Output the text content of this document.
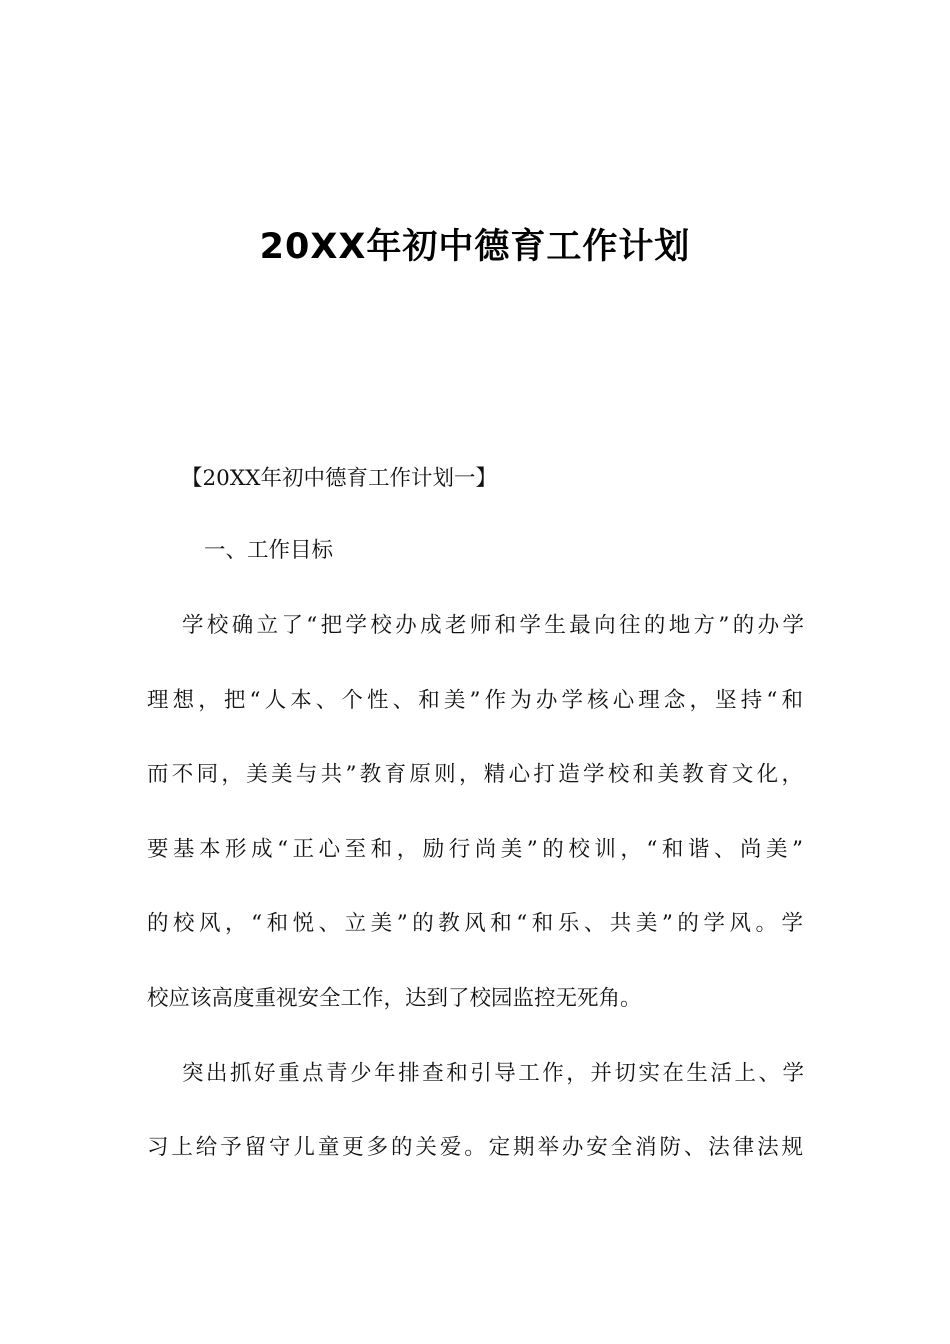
20XX年初中德育工作计划
【20XX年初中德育工作计划一】
一、工作目标
学校确立了“把学校办成老师和学生最向往的地方”的办学
理想，把“人本、个性、和美”作为办学核心理念，坚持“和
而不同，美美与共”教育原则，精心打造学校和美教育文化，
要基本形成“正心至和，励行尚美”的校训，“和谐、尚美”
的校风，“和悦、立美”的教风和“和乐、共美”的学风。学
校应该高度重视安全工作，达到了校园监控无死角。
突出抓好重点青少年排查和引导工作，并切实在生活上、学
习上给予留守儿童更多的关爱。定期举办安全消防、法律法规
